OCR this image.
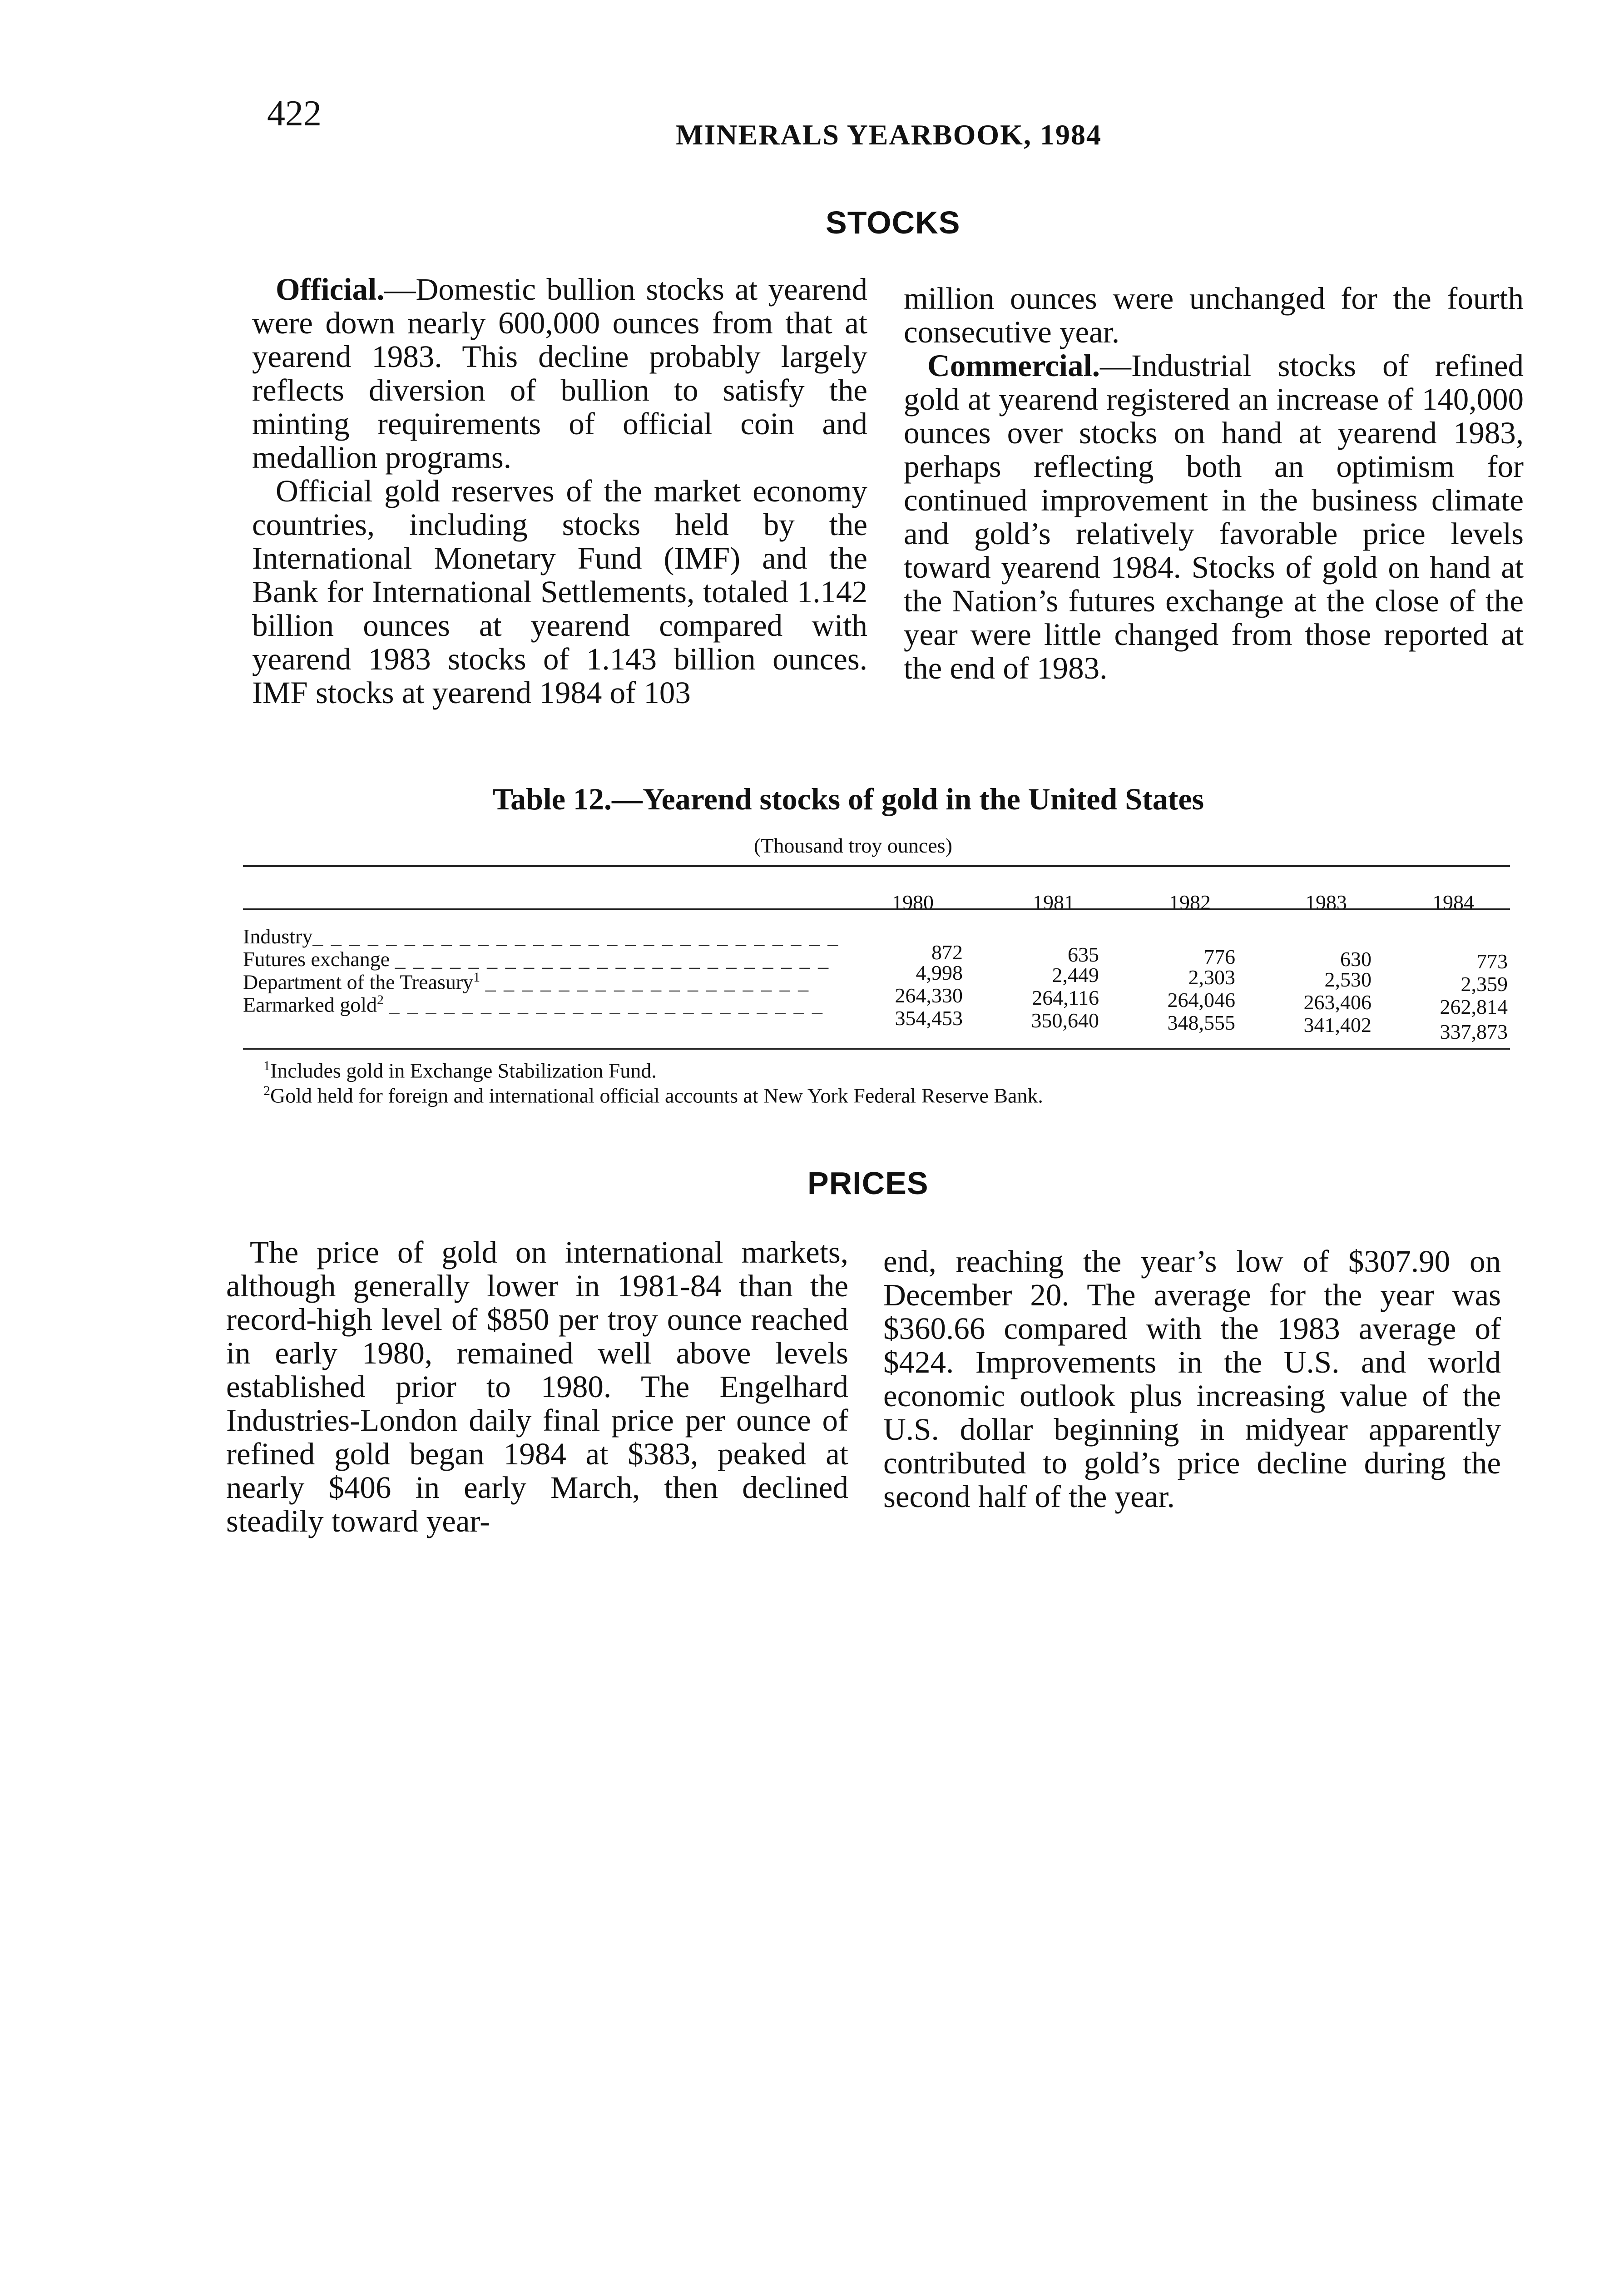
422
MINERALS YEARBOOK, 1984
STOCKS

Official.—Domestic bullion stocks at yearend were down nearly 600,000 ounces from that at yearend 1983. This decline probably largely reflects diversion of bullion to satisfy the minting requirements of official coin and medallion programs.

Official gold reserves of the market economy countries, including stocks held by the International Monetary Fund (IMF) and the Bank for International Settlements, totaled 1.142 billion ounces at yearend compared with yearend 1983 stocks of 1.143 billion ounces. IMF stocks at yearend 1984 of 103

million ounces were unchanged for the fourth consecutive year.

Commercial.—Industrial stocks of refined gold at yearend registered an increase of 140,000 ounces over stocks on hand at yearend 1983, perhaps reflecting both an optimism for continued improvement in the business climate and gold’s relatively favorable price levels toward yearend 1984. Stocks of gold on hand at the Nation’s futures exchange at the close of the year were little changed from those reported at the end of 1983.

Table 12.—Yearend stocks of gold in the United States
(Thousand troy ounces)
1980	1981	1982	1983	1984
Industry_ _ _ _ _ _ _ _ _ _ _ _ _ _ _ _ _ _ _ _ _ _ _ _ _ _ _ _ _
872	635	776	630	773
Futures exchange _ _ _ _ _ _ _ _ _ _ _ _ _ _ _ _ _ _ _ _ _ _ _ _
4,998	2,449	2,303	2,530	2,359
Department of the Treasury$^1$ _ _ _ _ _ _ _ _ _ _ _ _ _ _ _ _ _ _
264,330	264,116	264,046	263,406	262,814
Earmarked gold$^2$ _ _ _ _ _ _ _ _ _ _ _ _ _ _ _ _ _ _ _ _ _ _ _ _
354,453	350,640	348,555	341,402	337,873
$^1$Includes gold in Exchange Stabilization Fund.
$^2$Gold held for foreign and international official accounts at New York Federal Reserve Bank.
PRICES

The price of gold on international markets, although generally lower in 1981-84 than the record-high level of $850 per troy ounce reached in early 1980, remained well above levels established prior to 1980. The Engelhard Industries-London daily final price per ounce of refined gold began 1984 at $383, peaked at nearly $406 in early March, then declined steadily toward year-

end, reaching the year’s low of $307.90 on December 20. The average for the year was $360.66 compared with the 1983 average of $424. Improvements in the U.S. and world economic outlook plus increasing value of the U.S. dollar beginning in midyear apparently contributed to gold’s price decline during the second half of the year.
